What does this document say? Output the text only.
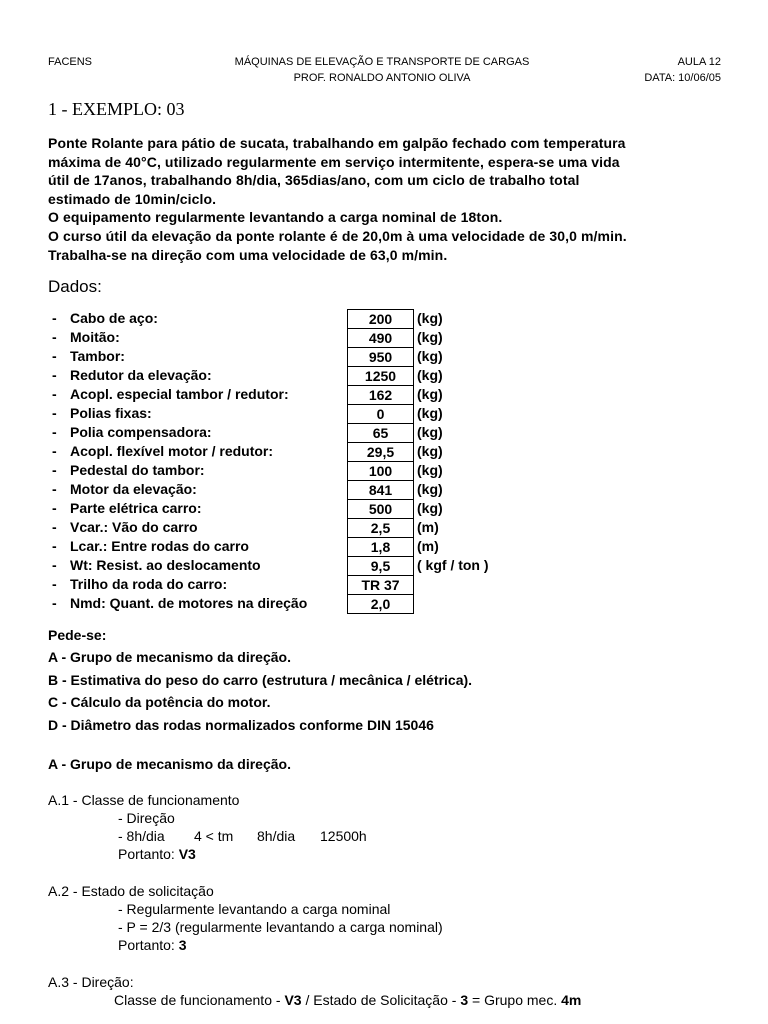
FACENS	MÁQUINAS DE ELEVAÇÃO E TRANSPORTE DE CARGAS
PROF. RONALDO ANTONIO OLIVA
AULA 12
DATA: 10/06/05
1 - EXEMPLO: 03
Ponte Rolante para pátio de sucata, trabalhando em galpão fechado com temperatura
máxima de 40°C, utilizado regularmente em serviço intermitente, espera-se uma vida
útil de 17anos, trabalhando 8h/dia, 365dias/ano, com um ciclo de trabalho total
estimado de 10min/ciclo.
O equipamento regularmente levantando a carga nominal de 18ton.
O curso útil da elevação da ponte rolante é de 20,0m à uma velocidade de 30,0 m/min.
Trabalha-se na direção com uma velocidade de 63,0 m/min.
Dados:
- Cabo de aço:	200	(kg)
- Moitão:	490	(kg)
- Tambor:	950	(kg)
- Redutor da elevação:	1250	(kg)
- Acopl. especial tambor / redutor:	162	(kg)
- Polias fixas:	0	(kg)
- Polia compensadora:	65	(kg)
- Acopl. flexível motor / redutor:	29,5	(kg)
- Pedestal do tambor:	100	(kg)
- Motor da elevação:	841	(kg)
- Parte elétrica carro:	500	(kg)
- Vcar.: Vão do carro	2,5	(m)
- Lcar.: Entre rodas do carro	1,8	(m)
- Wt: Resist. ao deslocamento	9,5	( kgf / ton )
- Trilho da roda do carro:	TR 37
- Nmd: Quant. de motores na direção	2,0
Pede-se:
A - Grupo de mecanismo da direção.
B - Estimativa do peso do carro (estrutura / mecânica / elétrica).
C - Cálculo da potência do motor.
D - Diâmetro das rodas normalizados conforme DIN 15046
A - Grupo de mecanismo da direção.
A.1 - Classe de funcionamento
- Direção
- 8h/dia 4 < tm 8h/dia 12500h
Portanto: V3
A.2 - Estado de solicitação
- Regularmente levantando a carga nominal
- P = 2/3 (regularmente levantando a carga nominal)
Portanto: 3
A.3 - Direção:
Classe de funcionamento - V3 / Estado de Solicitação - 3 = Grupo mec. 4m
